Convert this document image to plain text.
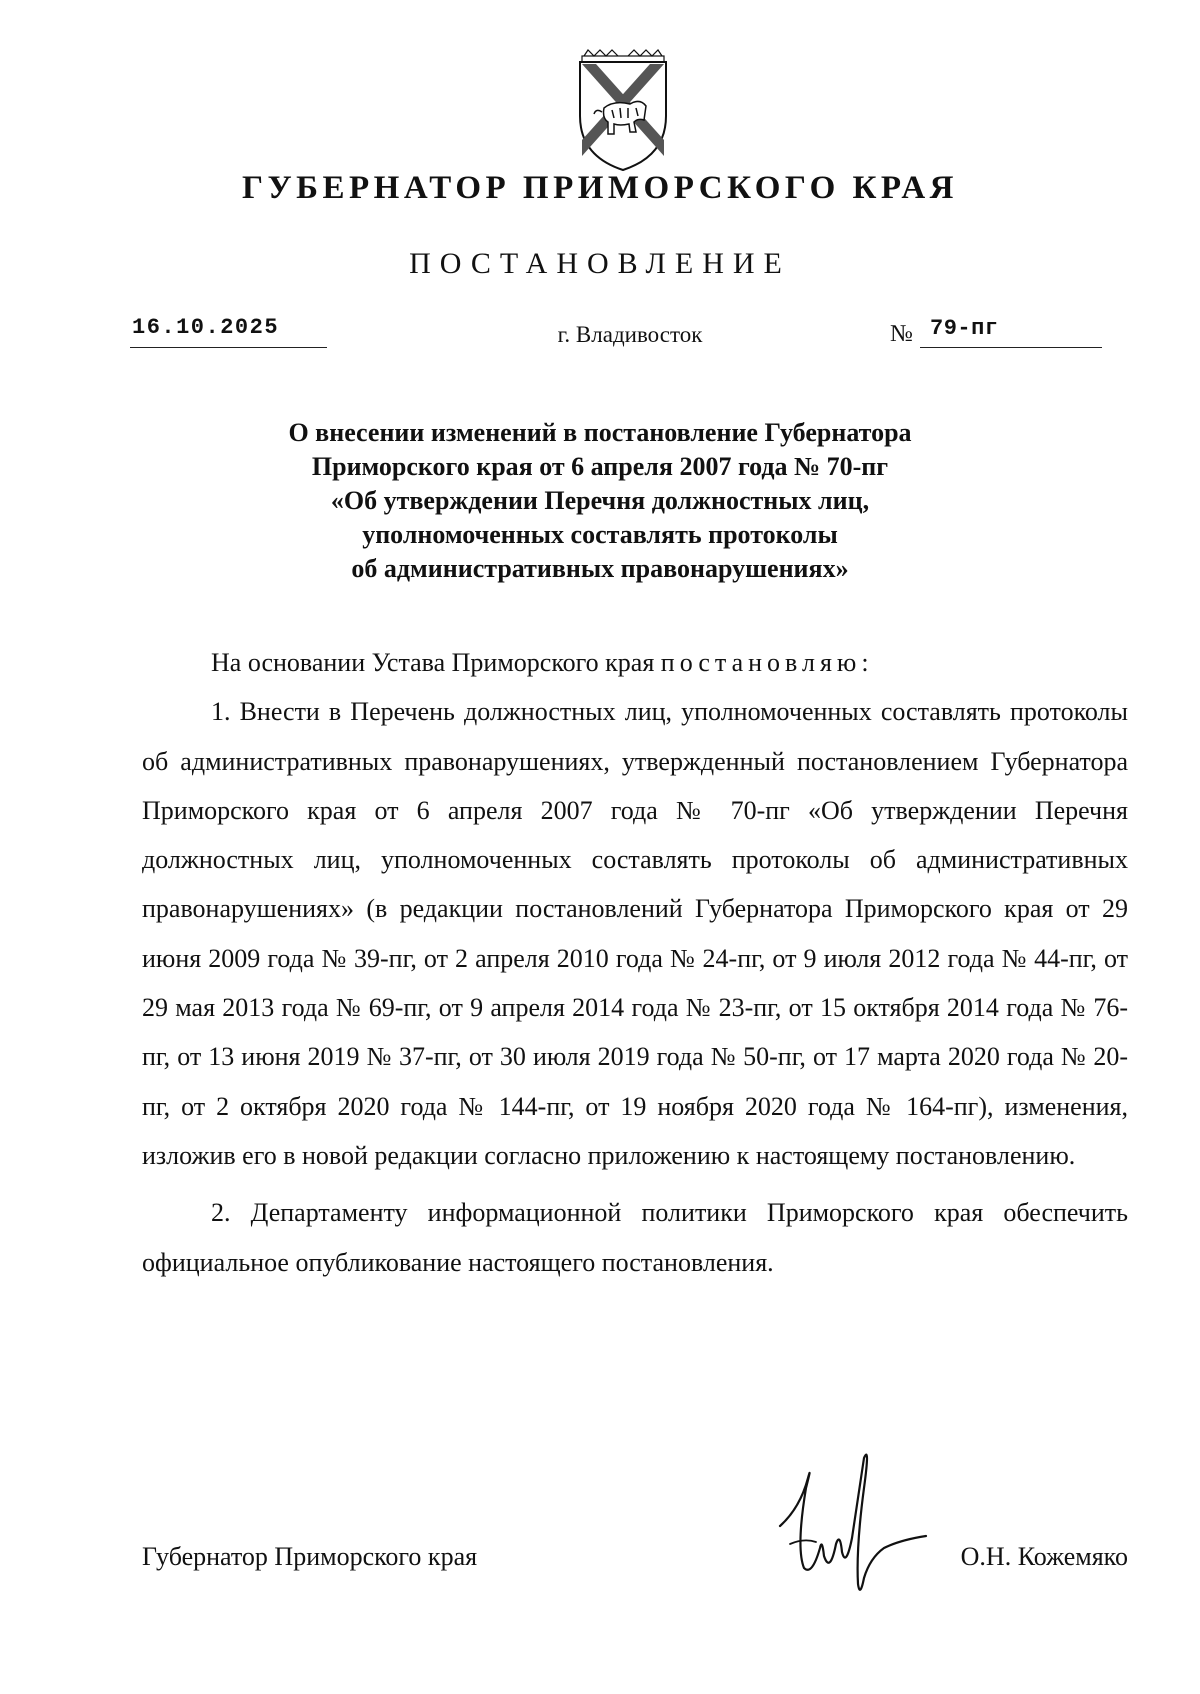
ГУБЕРНАТОР ПРИМОРСКОГО КРАЯ
ПОСТАНОВЛЕНИЕ
16.10.2025	г. Владивосток	№ 79-пг
О внесении изменений в постановление Губернатора
Приморского края от 6 апреля 2007 года № 70-пг
«Об утверждении Перечня должностных лиц,
уполномоченных составлять протоколы
об административных правонарушениях»

На основании Устава Приморского края постановляю:

1. Внести в Перечень должностных лиц, уполномоченных составлять протоколы об административных правонарушениях, утвержденный постановлением Губернатора Приморского края от 6 апреля 2007 года № 70-пг «Об утверждении Перечня должностных лиц, уполномоченных составлять протоколы об административных правонарушениях» (в редакции постановлений Губернатора Приморского края от 29 июня 2009 года № 39-пг, от 2 апреля 2010 года № 24-пг, от 9 июля 2012 года № 44-пг, от 29 мая 2013 года № 69-пг, от 9 апреля 2014 года № 23-пг, от 15 октября 2014 года № 76-пг, от 13 июня 2019 № 37-пг, от 30 июля 2019 года № 50-пг, от 17 марта 2020 года № 20-пг, от 2 октября 2020 года № 144-пг, от 19 ноября 2020 года № 164-пг), изменения, изложив его в новой редакции согласно приложению к настоящему постановлению.

2. Департаменту информационной политики Приморского края обеспечить официальное опубликование настоящего постановления.

Губернатор Приморского края	О.Н. Кожемяко
